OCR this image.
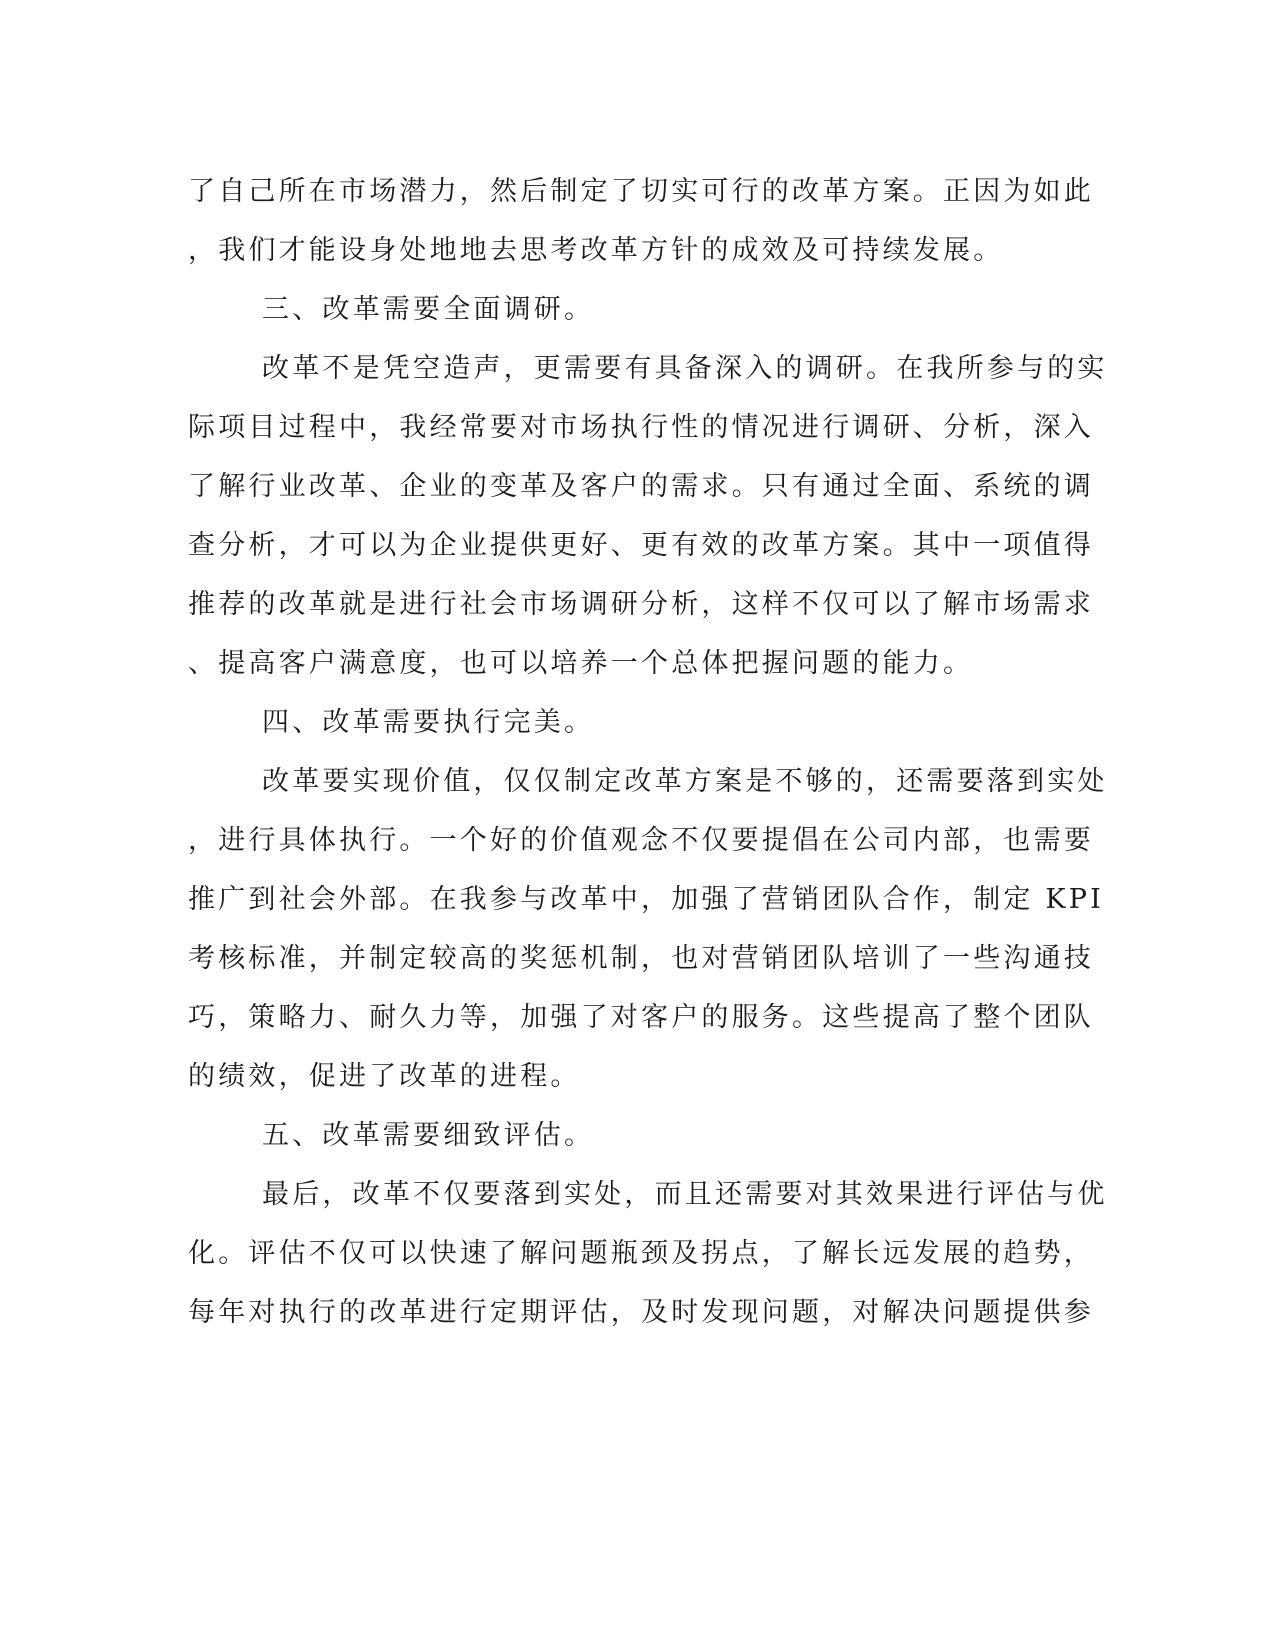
了自己所在市场潜力，然后制定了切实可行的改革方案。正因为如此
，我们才能设身处地地去思考改革方针的成效及可持续发展。
三、改革需要全面调研。
改革不是凭空造声，更需要有具备深入的调研。在我所参与的实
际项目过程中，我经常要对市场执行性的情况进行调研、分析，深入
了解行业改革、企业的变革及客户的需求。只有通过全面、系统的调
查分析，才可以为企业提供更好、更有效的改革方案。其中一项值得
推荐的改革就是进行社会市场调研分析，这样不仅可以了解市场需求
、提高客户满意度，也可以培养一个总体把握问题的能力。
四、改革需要执行完美。
改革要实现价值，仅仅制定改革方案是不够的，还需要落到实处
，进行具体执行。一个好的价值观念不仅要提倡在公司内部，也需要
推广到社会外部。在我参与改革中，加强了营销团队合作，制定 KPI
考核标准，并制定较高的奖惩机制，也对营销团队培训了一些沟通技
巧，策略力、耐久力等，加强了对客户的服务。这些提高了整个团队
的绩效，促进了改革的进程。
五、改革需要细致评估。
最后，改革不仅要落到实处，而且还需要对其效果进行评估与优
化。评估不仅可以快速了解问题瓶颈及拐点，了解长远发展的趋势，
每年对执行的改革进行定期评估，及时发现问题，对解决问题提供参
